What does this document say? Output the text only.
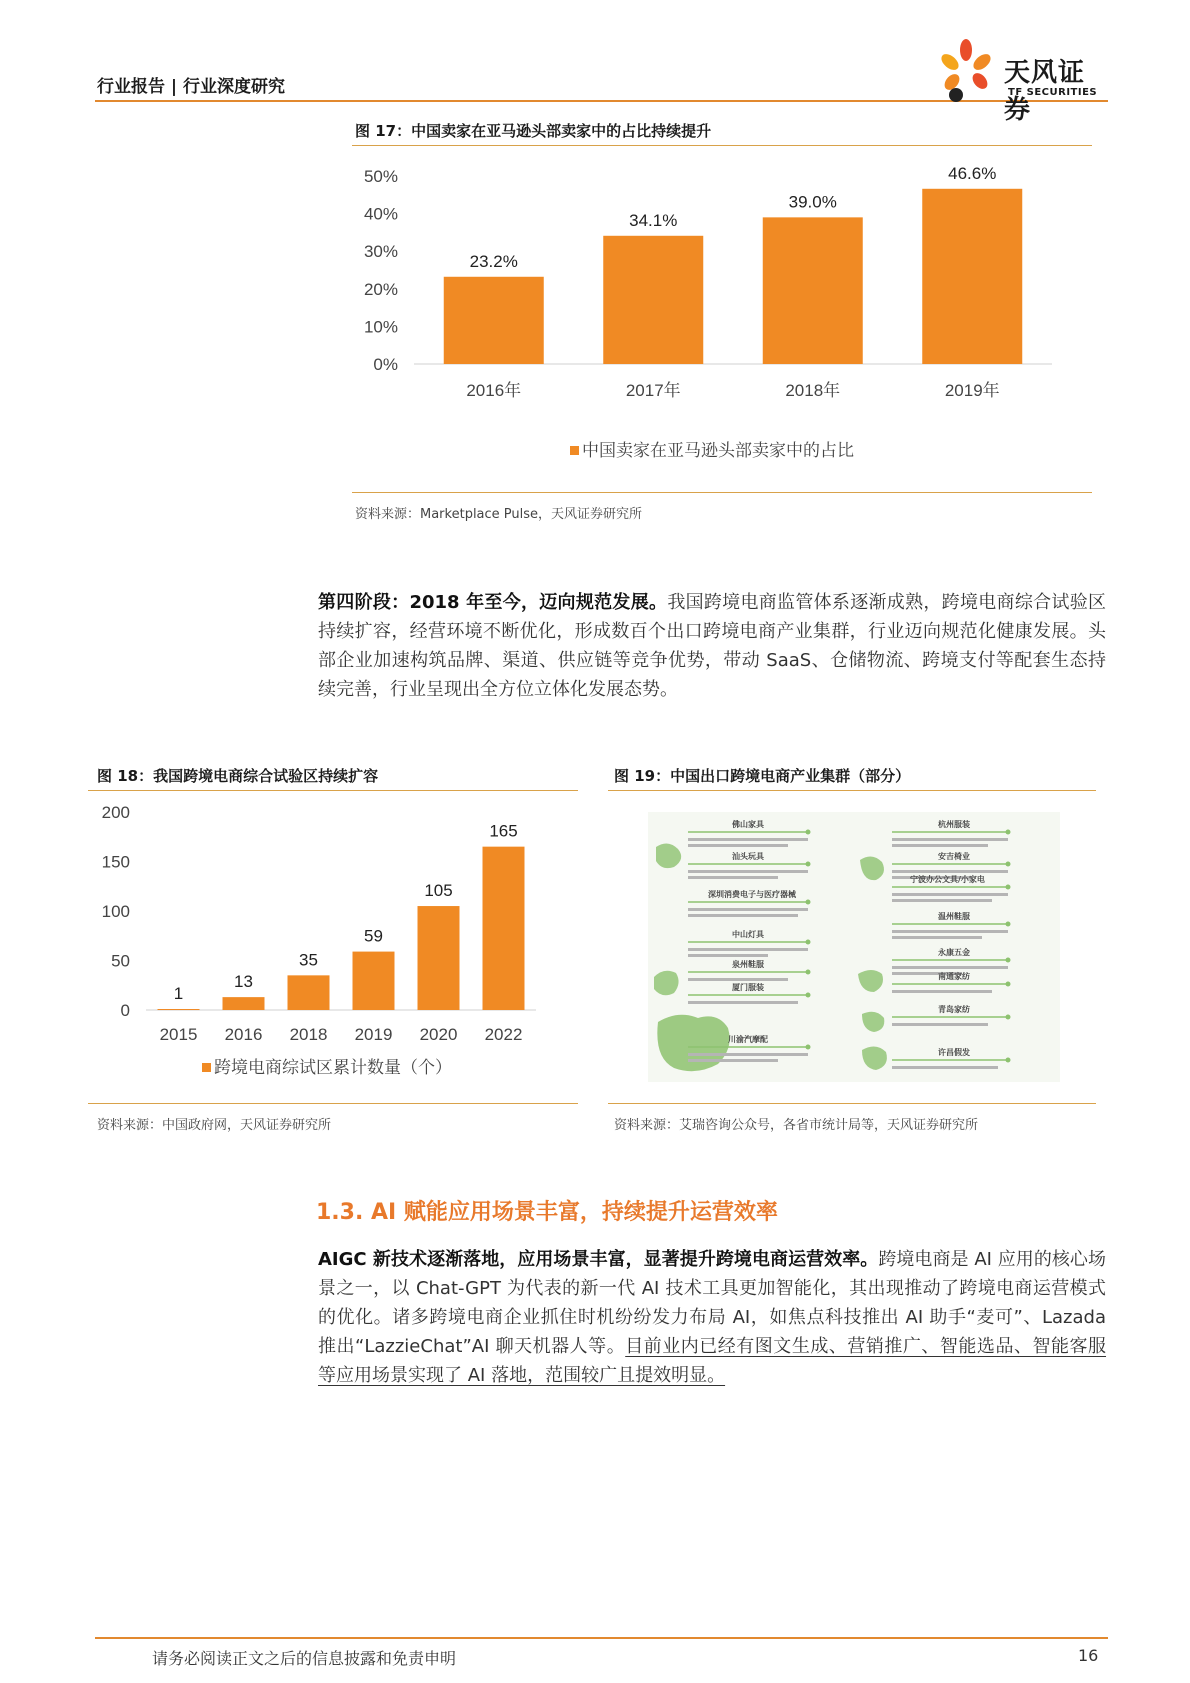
行业报告 | 行业深度研究	天风证券
TF SECURITIES
图 17：中国卖家在亚马逊头部卖家中的占比持续提升
0%
10%
20%
30%
40%
50%
23.2%
2016年
34.1%
2017年
39.0%
2018年
46.6%
2019年
中国卖家在亚马逊头部卖家中的占比
资料来源：Marketplace Pulse，天风证券研究所
第四阶段：2018 年至今，迈向规范发展。我国跨境电商监管体系逐渐成熟，跨境电商综合试验区持续扩容，经营环境不断优化，形成数百个出口跨境电商产业集群，行业迈向规范化健康发展。头部企业加速构筑品牌、渠道、供应链等竞争优势，带动 SaaS、仓储物流、跨境支付等配套生态持续完善，行业呈现出全方位立体化发展态势。
图 18：我国跨境电商综合试验区持续扩容
0
50
100
150
200
1
2015
13
2016
35
2018
59
2019
105
2020
165
2022
跨境电商综试区累计数量（个）
资料来源：中国政府网，天风证券研究所
图 19：中国出口跨境电商产业集群（部分）
佛山家具
汕头玩具
深圳消费电子与医疗器械
中山灯具
泉州鞋服
厦门服装
川渝汽摩配
杭州服装
安吉椅业
宁波办公文具/小家电
温州鞋服
永康五金
南通家纺
青岛家纺
许昌假发
资料来源：艾瑞咨询公众号，各省市统计局等，天风证券研究所
1.3. AI 赋能应用场景丰富，持续提升运营效率
AIGC 新技术逐渐落地，应用场景丰富，显著提升跨境电商运营效率。跨境电商是 AI 应用的核心场景之一，以 Chat-GPT 为代表的新一代 AI 技术工具更加智能化，其出现推动了跨境电商运营模式的优化。诸多跨境电商企业抓住时机纷纷发力布局 AI，如焦点科技推出 AI 助手“麦可”、Lazada 推出“LazzieChat”AI 聊天机器人等。目前业内已经有图文生成、营销推广、智能选品、智能客服等应用场景实现了 AI 落地，范围较广且提效明显。
请务必阅读正文之后的信息披露和免责申明	16
